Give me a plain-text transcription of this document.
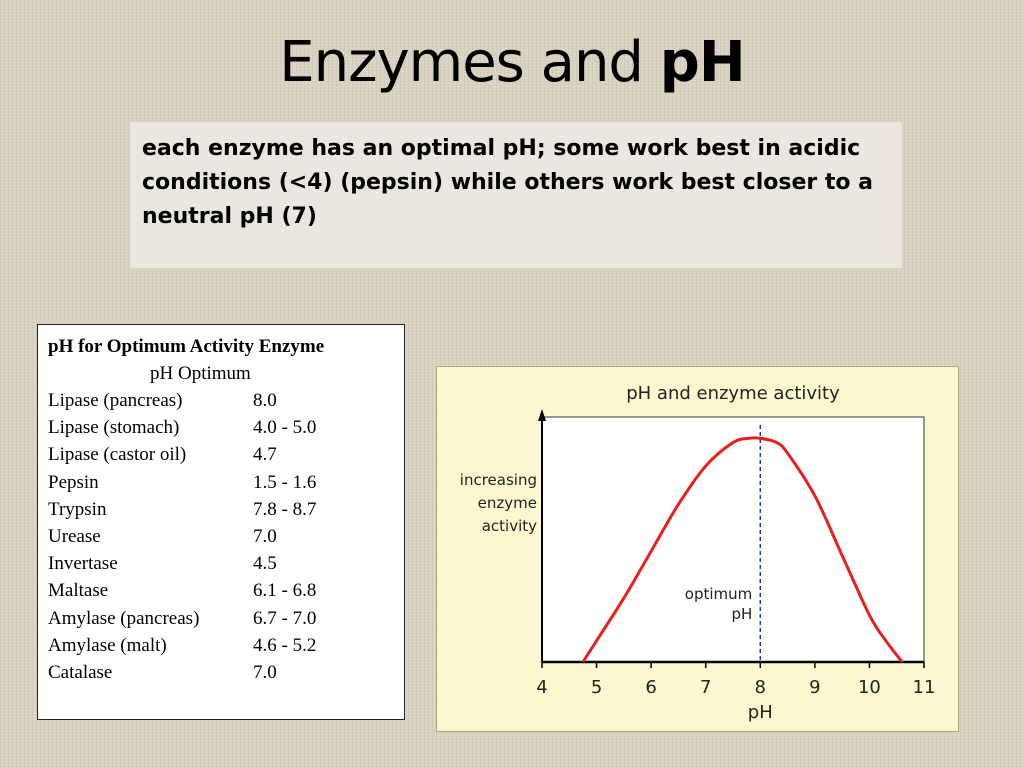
Enzymes and pH
each enzyme has an optimal pH; some work best in acidic conditions (<4) (pepsin) while others work best closer to a neutral pH (7)
pH for Optimum Activity Enzyme
pH Optimum
Lipase (pancreas)	8.0
Lipase (stomach)	4.0 - 5.0
Lipase (castor oil)	4.7
Pepsin	1.5 - 1.6
Trypsin	7.8 - 8.7
Urease	7.0
Invertase	4.5
Maltase	6.1 - 6.8
Amylase (pancreas)	6.7 - 7.0
Amylase (malt)	4.6 - 5.2
Catalase	7.0
pH and enzyme activity
4 5 6 7 8 9 10 11
pH
increasing
enzyme
activity
optimum
pH
